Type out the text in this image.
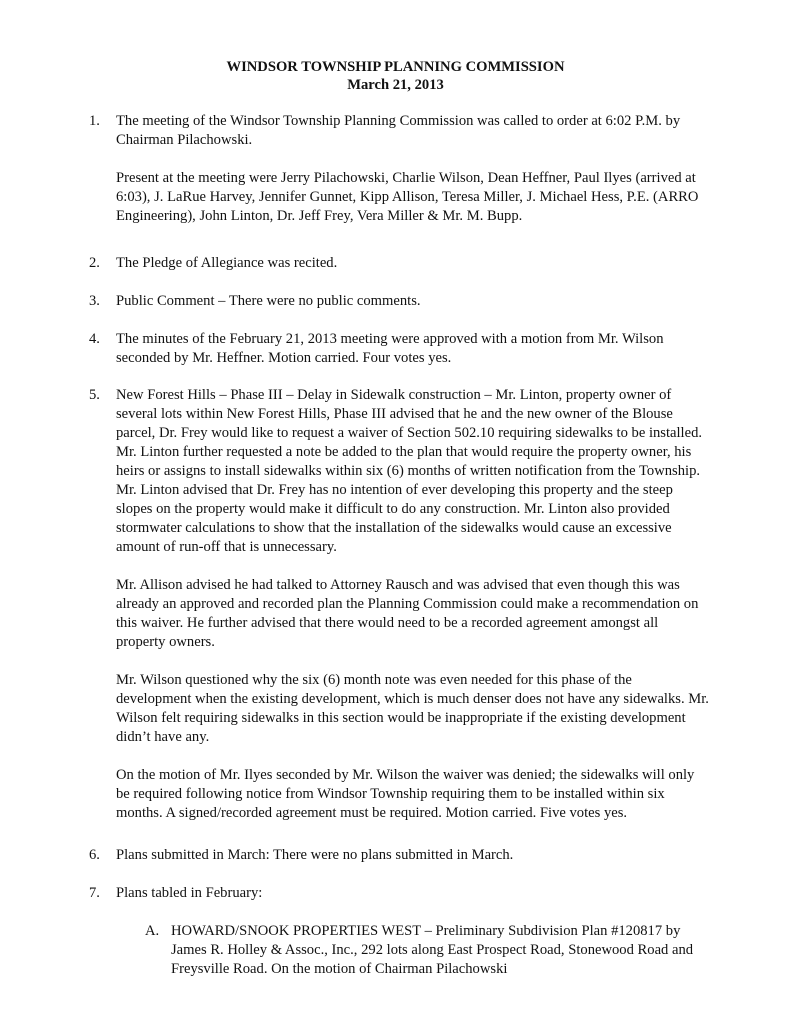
WINDSOR TOWNSHIP PLANNING COMMISSION
March 21, 2013
1. The meeting of the Windsor Township Planning Commission was called to order at 6:02 P.M. by Chairman Pilachowski.

Present at the meeting were Jerry Pilachowski, Charlie Wilson, Dean Heffner, Paul Ilyes (arrived at 6:03), J. LaRue Harvey, Jennifer Gunnet, Kipp Allison, Teresa Miller, J. Michael Hess, P.E. (ARRO Engineering), John Linton, Dr. Jeff Frey, Vera Miller & Mr. M. Bupp.

2. The Pledge of Allegiance was recited.

3. Public Comment – There were no public comments.

4. The minutes of the February 21, 2013 meeting were approved with a motion from Mr. Wilson seconded by Mr. Heffner. Motion carried. Four votes yes.

5. New Forest Hills – Phase III – Delay in Sidewalk construction – Mr. Linton, property owner of several lots within New Forest Hills, Phase III advised that he and the new owner of the Blouse parcel, Dr. Frey would like to request a waiver of Section 502.10 requiring sidewalks to be installed. Mr. Linton further requested a note be added to the plan that would require the property owner, his heirs or assigns to install sidewalks within six (6) months of written notification from the Township. Mr. Linton advised that Dr. Frey has no intention of ever developing this property and the steep slopes on the property would make it difficult to do any construction. Mr. Linton also provided stormwater calculations to show that the installation of the sidewalks would cause an excessive amount of run-off that is unnecessary.

Mr. Allison advised he had talked to Attorney Rausch and was advised that even though this was already an approved and recorded plan the Planning Commission could make a recommendation on this waiver. He further advised that there would need to be a recorded agreement amongst all property owners.

Mr. Wilson questioned why the six (6) month note was even needed for this phase of the development when the existing development, which is much denser does not have any sidewalks. Mr. Wilson felt requiring sidewalks in this section would be inappropriate if the existing development didn’t have any.

On the motion of Mr. Ilyes seconded by Mr. Wilson the waiver was denied; the sidewalks will only be required following notice from Windsor Township requiring them to be installed within six months. A signed/recorded agreement must be required. Motion carried. Five votes yes.

6. Plans submitted in March: There were no plans submitted in March.

7. Plans tabled in February:

A. HOWARD/SNOOK PROPERTIES WEST – Preliminary Subdivision Plan #120817 by James R. Holley & Assoc., Inc., 292 lots along East Prospect Road, Stonewood Road and Freysville Road. On the motion of Chairman Pilachowski
